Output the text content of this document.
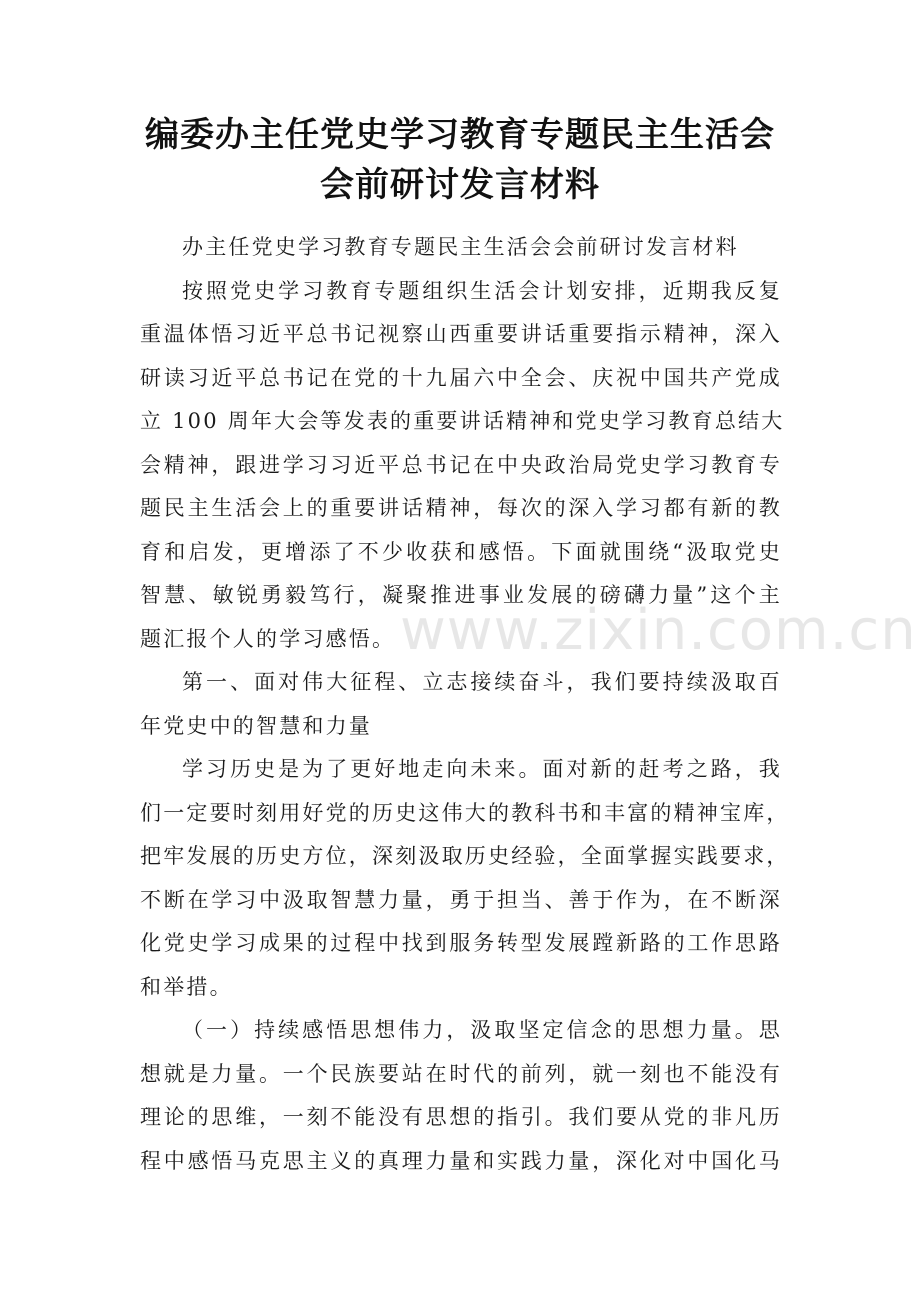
编委办主任党史学习教育专题民主生活会
会前研讨发言材料
办主任党史学习教育专题民主生活会会前研讨发言材料
按照党史学习教育专题组织生活会计划安排，近期我反复
重温体悟习近平总书记视察山西重要讲话重要指示精神，深入
研读习近平总书记在党的十九届六中全会、庆祝中国共产党成
立 100 周年大会等发表的重要讲话精神和党史学习教育总结大
会精神，跟进学习习近平总书记在中央政治局党史学习教育专
题民主生活会上的重要讲话精神，每次的深入学习都有新的教
育和启发，更增添了不少收获和感悟。下面就围绕“汲取党史
智慧、敏锐勇毅笃行，凝聚推进事业发展的磅礴力量”这个主
题汇报个人的学习感悟。
第一、面对伟大征程、立志接续奋斗，我们要持续汲取百
年党史中的智慧和力量
学习历史是为了更好地走向未来。面对新的赶考之路，我
们一定要时刻用好党的历史这伟大的教科书和丰富的精神宝库，
把牢发展的历史方位，深刻汲取历史经验，全面掌握实践要求，
不断在学习中汲取智慧力量，勇于担当、善于作为，在不断深
化党史学习成果的过程中找到服务转型发展蹚新路的工作思路
和举措。
（一）持续感悟思想伟力，汲取坚定信念的思想力量。思
想就是力量。一个民族要站在时代的前列，就一刻也不能没有
理论的思维，一刻不能没有思想的指引。我们要从党的非凡历
程中感悟马克思主义的真理力量和实践力量，深化对中国化马
www.zixin.com.cn
